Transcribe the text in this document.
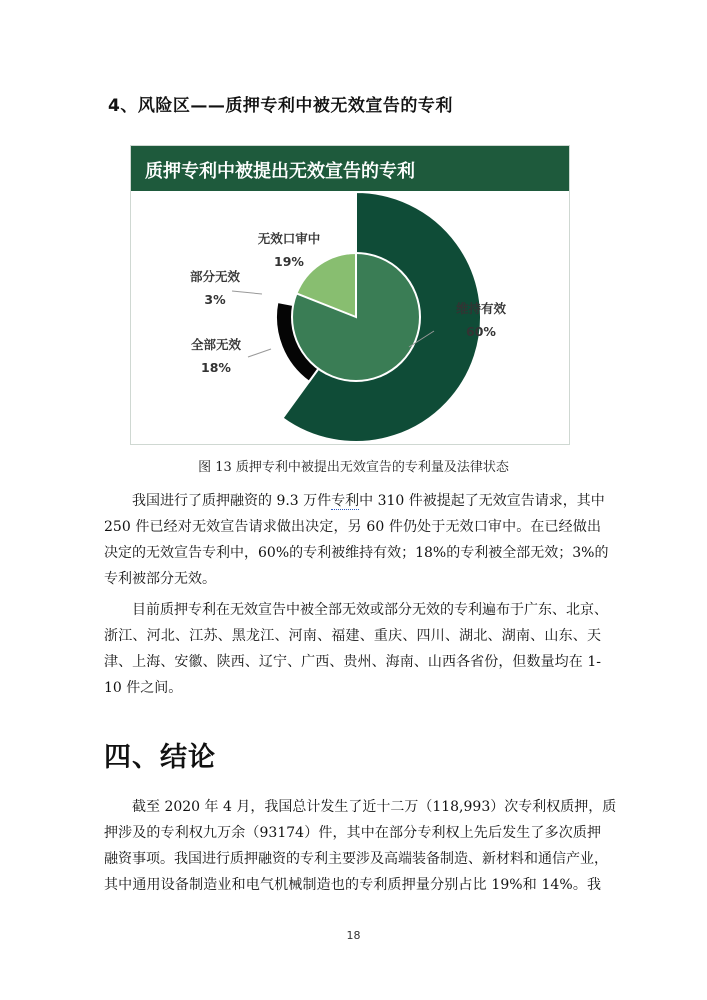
4、风险区——质押专利中被无效宣告的专利
质押专利中被提出无效宣告的专利
维持有效
60%
全部无效
18%
部分无效
3%
无效口审中
19%
图 13 质押专利中被提出无效宣告的专利量及法律状态
我国进行了质押融资的 9.3 万件专利中 310 件被提起了无效宣告请求，其中
250 件已经对无效宣告请求做出决定，另 60 件仍处于无效口审中。在已经做出
决定的无效宣告专利中，60%的专利被维持有效；18%的专利被全部无效；3%的
专利被部分无效。
目前质押专利在无效宣告中被全部无效或部分无效的专利遍布于广东、北京、
浙江、河北、江苏、黑龙江、河南、福建、重庆、四川、湖北、湖南、山东、天
津、上海、安徽、陕西、辽宁、广西、贵州、海南、山西各省份，但数量均在 1-
10 件之间。
四、结论
截至 2020 年 4 月，我国总计发生了近十二万（118,993）次专利权质押，质
押涉及的专利权九万余（93174）件，其中在部分专利权上先后发生了多次质押
融资事项。我国进行质押融资的专利主要涉及高端装备制造、新材料和通信产业，
其中通用设备制造业和电气机械制造也的专利质押量分别占比 19%和 14%。我
18
